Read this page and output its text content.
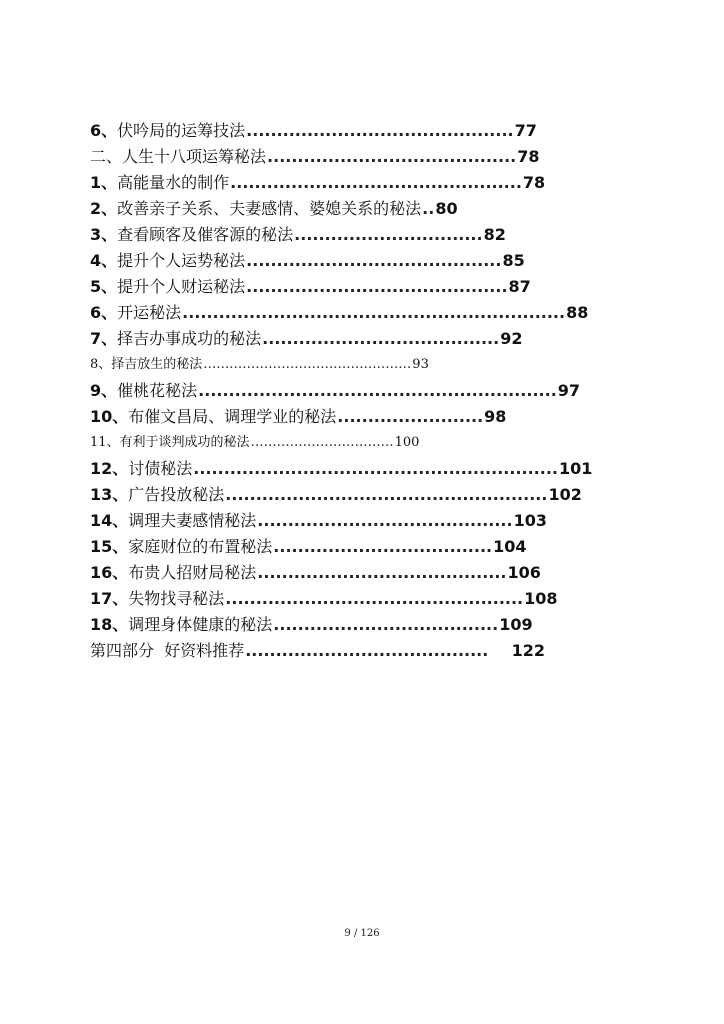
6、 伏吟局的运筹技法 ............................................ 77
二、 人生十八项运筹秘法 ......................................... 78
1、 高能量水的制作 ................................................ 78
2、 改善亲子关系、夫妻感情、婆媳关系的秘法 .. 80
3、 查看顾客及催客源的秘法 ............................... 82
4、 提升个人运势秘法 .......................................... 85
5、 提升个人财运秘法 ........................................... 87
6、 开运秘法 ............................................................... 88
7、 择吉办事成功的秘法 ....................................... 92
8、 择吉放生的秘法 ………………………………………… 93
9、 催桃花秘法 ........................................................... 97
10、 布催文昌局、调理学业的秘法 ........................ 98
11、 有利于谈判成功的秘法 …………………………… 100
12、 讨债秘法 ............................................................ 101
13、 广告投放秘法 ..................................................... 102
14、 调理夫妻感情秘法 .......................................... 103
15、 家庭财位的布置秘法 .................................... 104
16、 布贵人招财局秘法 ......................................... 106
17、 失物找寻秘法 ................................................. 108
18、 调理身体健康的秘法 ..................................... 109
第四部分 好资料推荐 ........................................ 122
9 / 126
